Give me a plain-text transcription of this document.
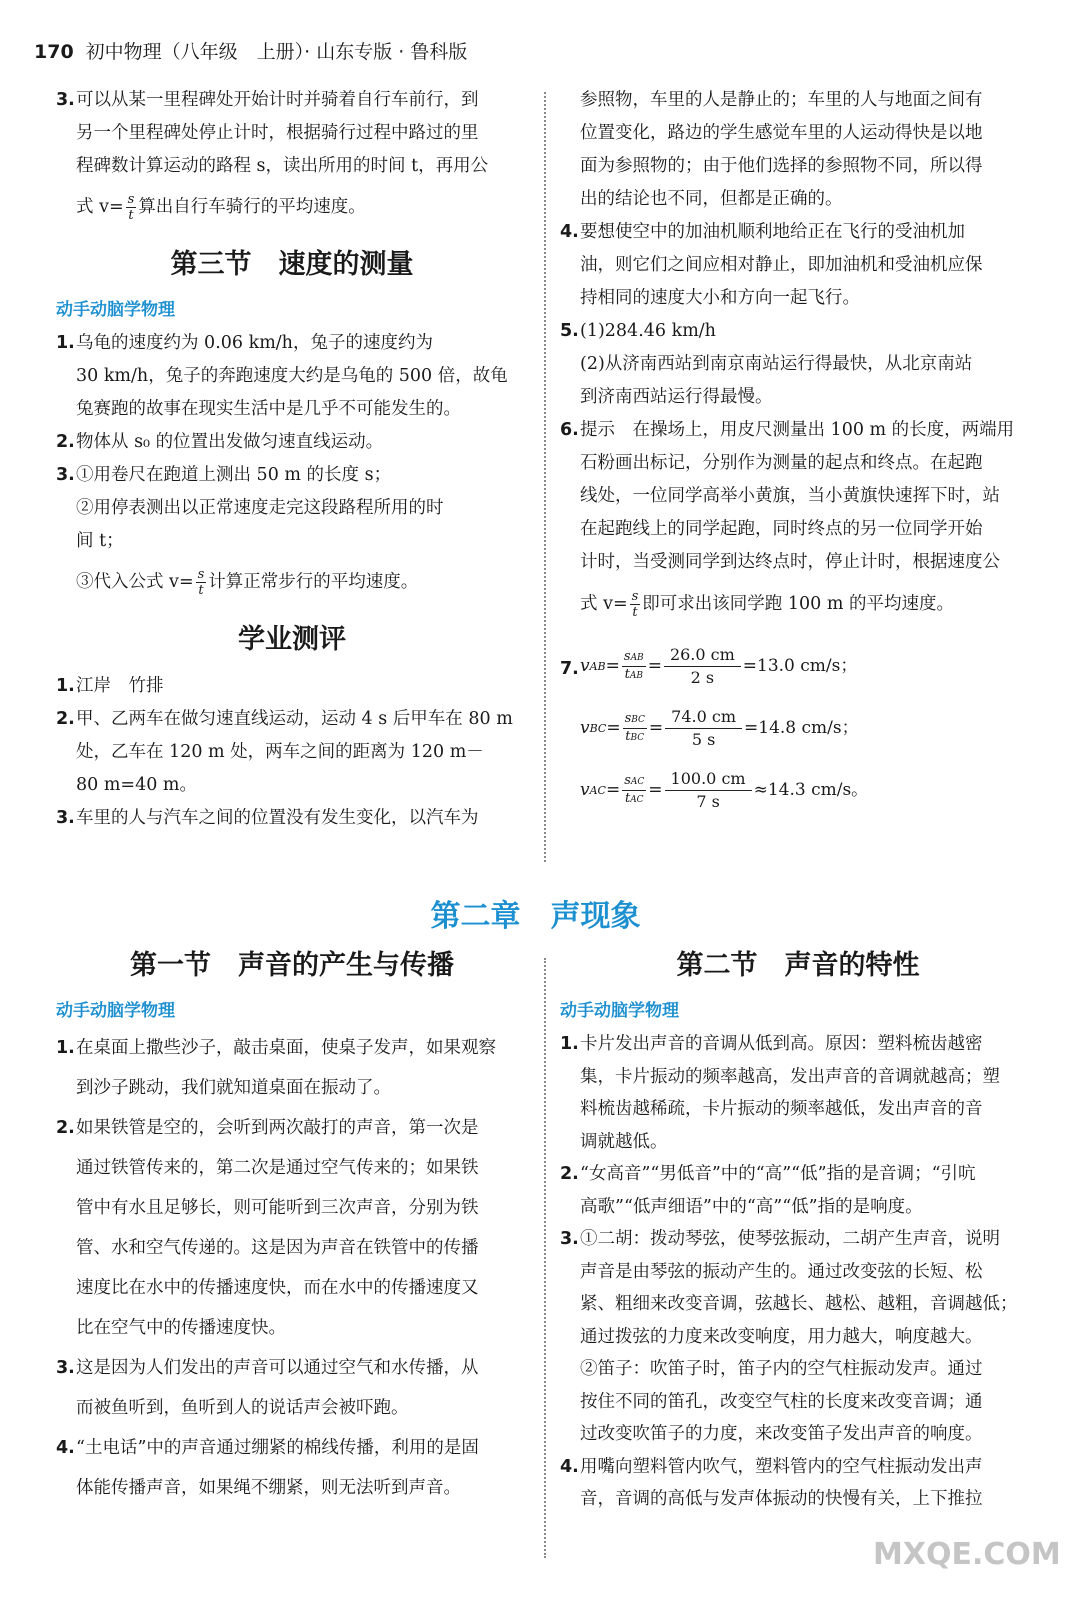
170 初中物理（八年级　上册）· 山东专版 · 鲁科版
3. 可以从某一里程碑处开始计时并骑着自行车前行，到

另一个里程碑处停止计时，根据骑行过程中路过的里

程碑数计算运动的路程 s，读出所用的时间 t，再用公

式 $v= \frac{s}{t}$ 算出自行车骑行的平均速度。

第三节　速度的测量
动手动脑学物理
1. 乌龟的速度约为 0.06 km/h，兔子的速度约为

30 km/h，兔子的奔跑速度大约是乌龟的 500 倍，故龟

兔赛跑的故事在现实生活中是几乎不可能发生的。

2. 物体从 s₀ 的位置出发做匀速直线运动。

3. ①用卷尺在跑道上测出 50 m 的长度 s；

②用停表测出以正常速度走完这段路程所用的时

间 t；

③代入公式 $v= \frac{s}{t}$ 计算正常步行的平均速度。

学业测评
1. 江岸　竹排

2. 甲、乙两车在做匀速直线运动，运动 4 s 后甲车在 80 m

处，乙车在 120 m 处，两车之间的距离为 120 m－

80 m=40 m。

3. 车里的人与汽车之间的位置没有发生变化，以汽车为

参照物，车里的人是静止的；车里的人与地面之间有

位置变化，路边的学生感觉车里的人运动得快是以地

面为参照物的；由于他们选择的参照物不同，所以得

出的结论也不同，但都是正确的。

4. 要想使空中的加油机顺利地给正在飞行的受油机加

油，则它们之间应相对静止，即加油机和受油机应保

持相同的速度大小和方向一起飞行。

5. (1)284.46 km/h

(2)从济南西站到南京南站运行得最快，从北京南站

到济南西站运行得最慢。

6. 提示　在操场上，用皮尺测量出 100 m 的长度，两端用

石粉画出标记，分别作为测量的起点和终点。在起跑

线处，一位同学高举小黄旗，当小黄旗快速挥下时，站

在起跑线上的同学起跑，同时终点的另一位同学开始

计时，当受测同学到达终点时，停止计时，根据速度公

式 $v= \frac{s}{t}$ 即可求出该同学跑 100 m 的平均速度。

7. v AB = $\frac{\text{sAB}}{\text{tAB}} = \frac{26.0 cm}{2 s} =13.0$ cm/s；
v BC = $\frac{\text{sBC}}{\text{tBC}} = \frac{74.0 cm}{5 s} =14.8$ cm/s；
v AC = $\frac{\text{sAC}}{\text{tAC}} = \frac{100.0 cm}{7 s} \approx 14.3$ cm/s。
第二章　声现象
第一节　声音的产生与传播
动手动脑学物理
1. 在桌面上撒些沙子，敲击桌面，使桌子发声，如果观察

到沙子跳动，我们就知道桌面在振动了。

2. 如果铁管是空的，会听到两次敲打的声音，第一次是

通过铁管传来的，第二次是通过空气传来的；如果铁

管中有水且足够长，则可能听到三次声音，分别为铁

管、水和空气传递的。这是因为声音在铁管中的传播

速度比在水中的传播速度快，而在水中的传播速度又

比在空气中的传播速度快。

3. 这是因为人们发出的声音可以通过空气和水传播，从

而被鱼听到，鱼听到人的说话声会被吓跑。

4. “土电话”中的声音通过绷紧的棉线传播，利用的是固

体能传播声音，如果绳不绷紧，则无法听到声音。

第二节　声音的特性
动手动脑学物理
1. 卡片发出声音的音调从低到高。原因：塑料梳齿越密

集，卡片振动的频率越高，发出声音的音调就越高；塑

料梳齿越稀疏，卡片振动的频率越低，发出声音的音

调就越低。

2. “女高音”“男低音”中的“高”“低”指的是音调；“引吭

高歌”“低声细语”中的“高”“低”指的是响度。

3. ①二胡：拨动琴弦，使琴弦振动，二胡产生声音，说明

声音是由琴弦的振动产生的。通过改变弦的长短、松

紧、粗细来改变音调，弦越长、越松、越粗，音调越低；

通过拨弦的力度来改变响度，用力越大，响度越大。

②笛子：吹笛子时，笛子内的空气柱振动发声。通过

按住不同的笛孔，改变空气柱的长度来改变音调；通

过改变吹笛子的力度，来改变笛子发出声音的响度。

4. 用嘴向塑料管内吹气，塑料管内的空气柱振动发出声

音，音调的高低与发声体振动的快慢有关，上下推拉

MXQE.COM
